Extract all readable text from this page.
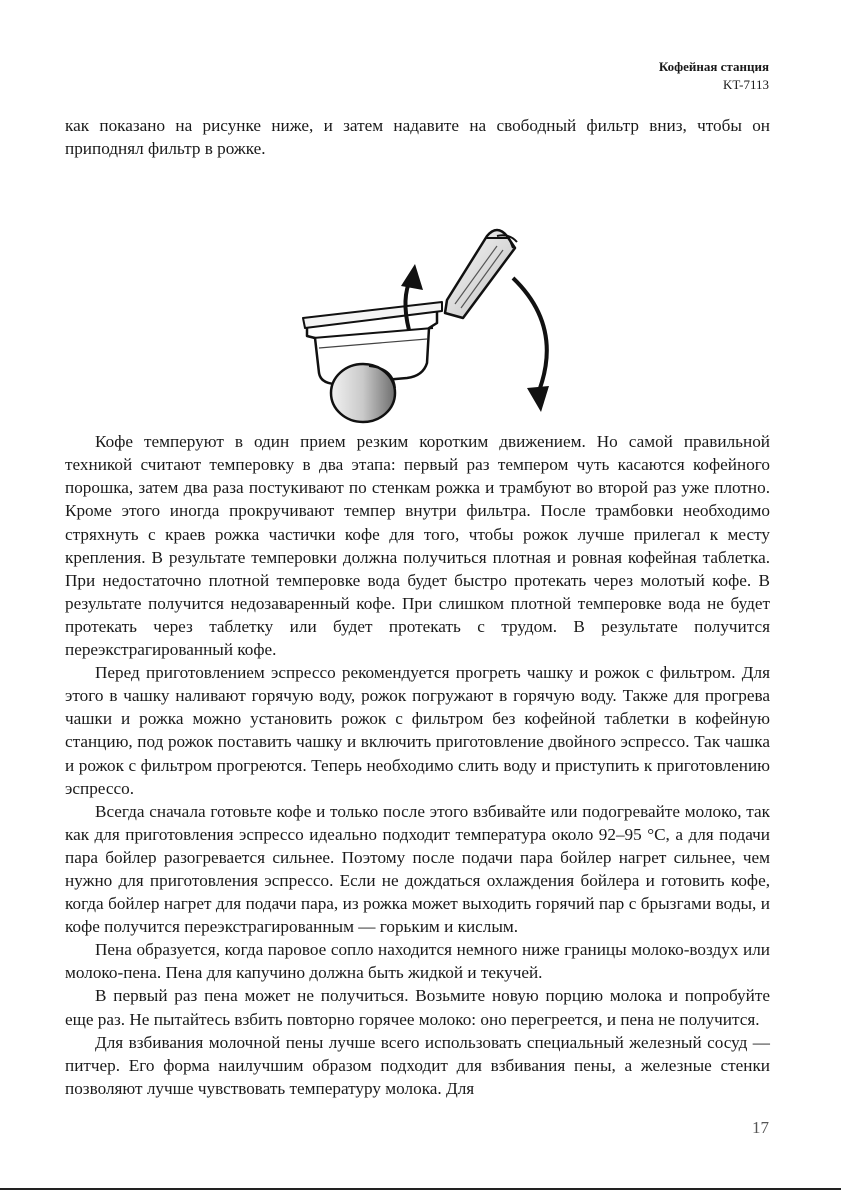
Кофейная станция
KT-7113

как показано на рисунке ниже, и затем надавите на свободный фильтр вниз, чтобы он приподнял фильтр в рожке.

Кофе темперуют в один прием резким коротким движением. Но самой правильной техникой считают темперовку в два этапа: первый раз темпером чуть касаются кофейного порошка, затем два раза постукивают по стенкам рожка и трамбуют во второй раз уже плотно. Кроме этого иногда прокручивают темпер внутри фильтра. После трамбовки необходимо стряхнуть с краев рожка частички кофе для того, чтобы рожок лучше прилегал к месту крепления. В результате темперовки должна получиться плотная и ровная кофейная таблетка. При недостаточно плотной темперовке вода будет быстро протекать через молотый кофе. В результате получится недозаваренный кофе. При слишком плотной темперовке вода не будет протекать через таблетку или будет протекать с трудом. В результате получится переэкстрагированный кофе.

Перед приготовлением эспрессо рекомендуется прогреть чашку и рожок с фильтром. Для этого в чашку наливают горячую воду, рожок погружают в горячую воду. Также для прогрева чашки и рожка можно установить рожок с фильтром без кофейной таблетки в кофейную станцию, под рожок поставить чашку и включить приготовление двойного эспрессо. Так чашка и рожок с фильтром прогреются. Теперь необходимо слить воду и приступить к приготовлению эспрессо.

Всегда сначала готовьте кофе и только после этого взбивайте или подогревайте молоко, так как для приготовления эспрессо идеально подходит температура около 92–95 °C, а для подачи пара бойлер разогревается сильнее. Поэтому после подачи пара бойлер нагрет сильнее, чем нужно для приготовления эспрессо. Если не дождаться охлаждения бойлера и готовить кофе, когда бойлер нагрет для подачи пара, из рожка может выходить горячий пар с брызгами воды, и кофе получится переэкстрагированным — горьким и кислым.

Пена образуется, когда паровое сопло находится немного ниже границы молоко-воздух или молоко-пена. Пена для капучино должна быть жидкой и текучей.

В первый раз пена может не получиться. Возьмите новую порцию молока и попробуйте еще раз. Не пытайтесь взбить повторно горячее молоко: оно перегреется, и пена не получится.

Для взбивания молочной пены лучше всего использовать специальный железный сосуд — питчер. Его форма наилучшим образом подходит для взбивания пены, а железные стенки позволяют лучше чувствовать температуру молока. Для

17
